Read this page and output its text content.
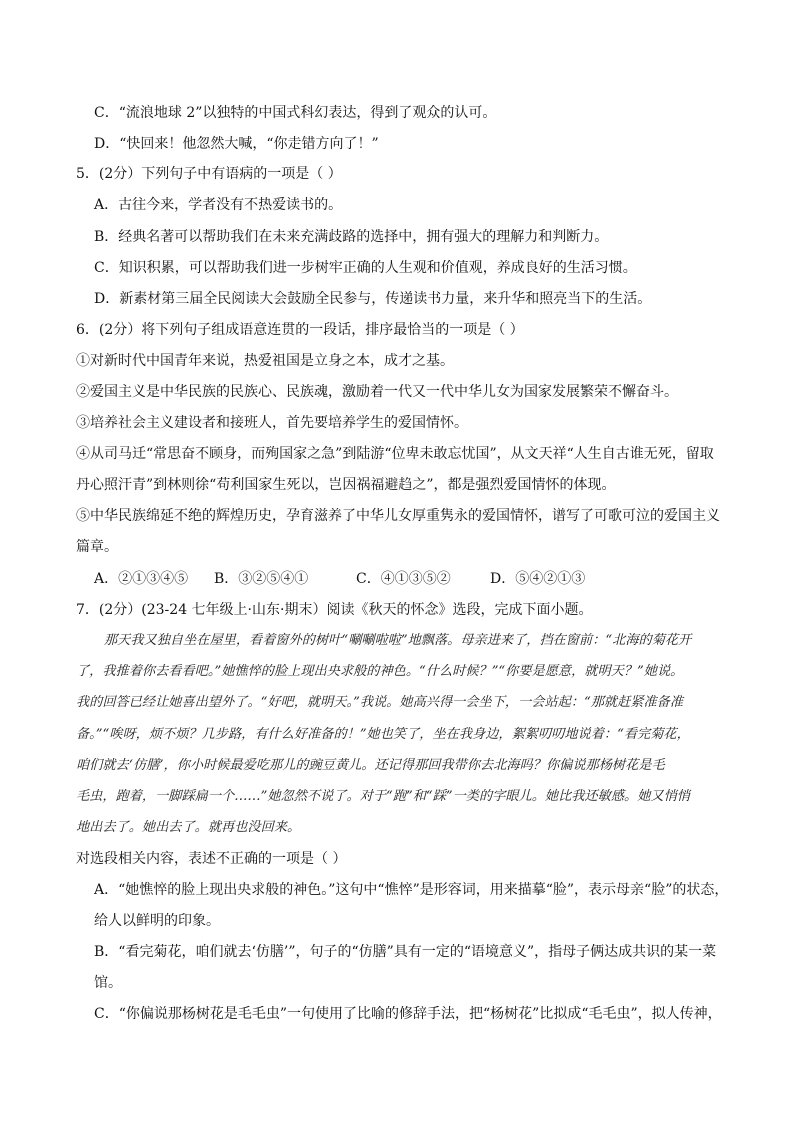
C．“流浪地球 2”以独特的中国式科幻表达，得到了观众的认可。
D．“快回来！他忽然大喊，“你走错方向了！”
5．(2分）下列句子中有语病的一项是（ ）
A．古往今来，学者没有不热爱读书的。
B．经典名著可以帮助我们在未来充满歧路的选择中，拥有强大的理解力和判断力。
C．知识积累，可以帮助我们进一步树牢正确的人生观和价值观，养成良好的生活习惯。
D．新素材第三届全民阅读大会鼓励全民参与，传递读书力量，来升华和照亮当下的生活。
6．(2分）将下列句子组成语意连贯的一段话，排序最恰当的一项是（ ）
①对新时代中国青年来说，热爱祖国是立身之本，成才之基。
②爱国主义是中华民族的民族心、民族魂，激励着一代又一代中华儿女为国家发展繁荣不懈奋斗。
③培养社会主义建设者和接班人，首先要培养学生的爱国情怀。
④从司马迁“常思奋不顾身，而殉国家之急”到陆游“位卑未敢忘忧国”，从文天祥“人生自古谁无死，留取
丹心照汗青”到林则徐“苟利国家生死以，岂因祸福避趋之”，都是强烈爱国情怀的体现。
⑤中华民族绵延不绝的辉煌历史，孕育滋养了中华儿女厚重隽永的爱国情怀，谱写了可歌可泣的爱国主义
篇章。
A．②①③④⑤ B．③②⑤④①	C．④①③⑤②	D．⑤④②①③
7．(2分）(23-24 七年级上·山东·期末）阅读《秋天的怀念》选段，完成下面小题。
那天我又独自坐在屋里，看着窗外的树叶“唰唰啦啦”地飘落。母亲进来了，挡在窗前：“北海的菊花开
了，我推着你去看看吧。”她憔悴的脸上现出央求般的神色。“什么时候？”“你要是愿意，就明天？”她说。
我的回答已经让她喜出望外了。“好吧，就明天。”我说。她高兴得一会坐下，一会站起：“那就赶紧准备准
备。”“唉呀，烦不烦？几步路，有什么好准备的！”她也笑了，坐在我身边，絮絮叨叨地说着：“看完菊花，
咱们就去‘仿膳’，你小时候最爱吃那儿的豌豆黄儿。还记得那回我带你去北海吗？你偏说那杨树花是毛
毛虫，跑着，一脚踩扁一个……”她忽然不说了。对于“跑”和“踩”一类的字眼儿。她比我还敏感。她又悄悄
地出去了。她出去了。就再也没回来。
对选段相关内容，表述不正确的一项是（ ）
A．“她憔悴的脸上现出央求般的神色。”这句中“憔悴”是形容词，用来描摹“脸”，表示母亲“脸”的状态，
给人以鲜明的印象。
B．“看完菊花，咱们就去‘仿膳’”，句子的“仿膳”具有一定的“语境意义”，指母子俩达成共识的某一菜
馆。
C．“你偏说那杨树花是毛毛虫”一句使用了比喻的修辞手法，把“杨树花”比拟成“毛毛虫”，拟人传神，
